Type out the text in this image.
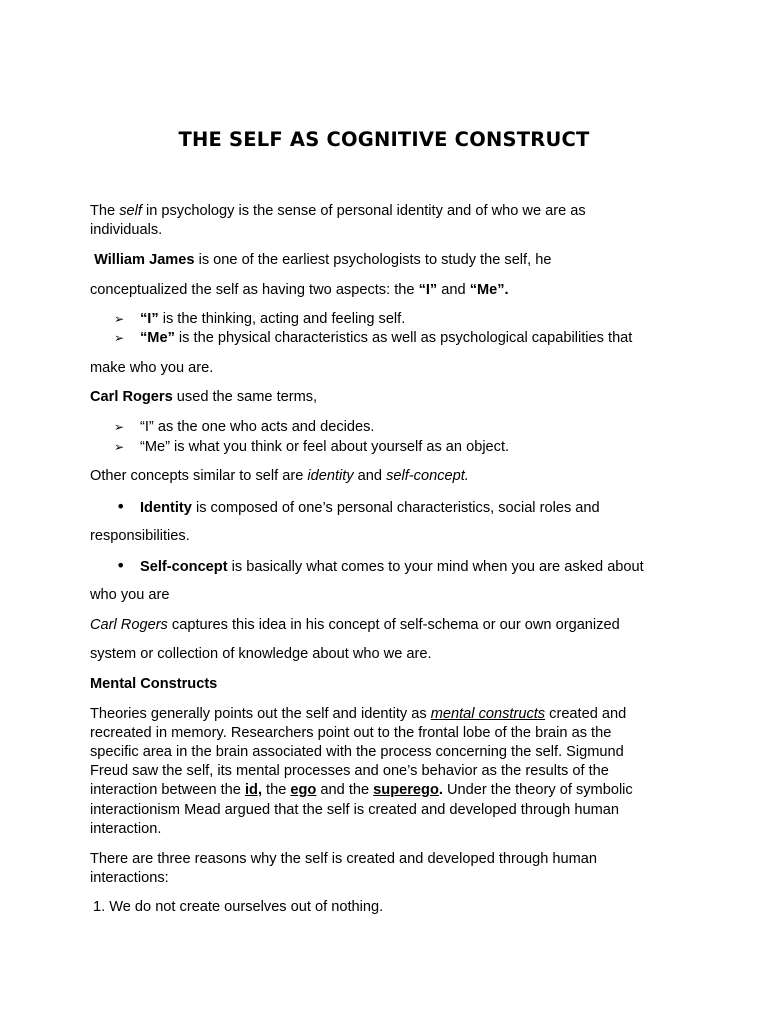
THE SELF AS COGNITIVE CONSTRUCT
The self in psychology is the sense of personal identity and of who we are as
individuals.
William James is one of the earliest psychologists to study the self, he
conceptualized the self as having two aspects: the “I” and “Me”.
➢ “I” is the thinking, acting and feeling self.
➢ “Me” is the physical characteristics as well as psychological capabilities that
make who you are.
Carl Rogers used the same terms,
➢ “I” as the one who acts and decides.
➢ “Me” is what you think or feel about yourself as an object.
Other concepts similar to self are identity and self-concept.
• Identity is composed of one’s personal characteristics, social roles and
responsibilities.
• Self-concept is basically what comes to your mind when you are asked about
who you are
Carl Rogers captures this idea in his concept of self-schema or our own organized
system or collection of knowledge about who we are.
Mental Constructs
Theories generally points out the self and identity as mental constructs created and
recreated in memory. Researchers point out to the frontal lobe of the brain as the
specific area in the brain associated with the process concerning the self. Sigmund
Freud saw the self, its mental processes and one’s behavior as the results of the
interaction between the id, the ego and the superego. Under the theory of symbolic
interactionism Mead argued that the self is created and developed through human
interaction.
There are three reasons why the self is created and developed through human
interactions:
1. We do not create ourselves out of nothing.
